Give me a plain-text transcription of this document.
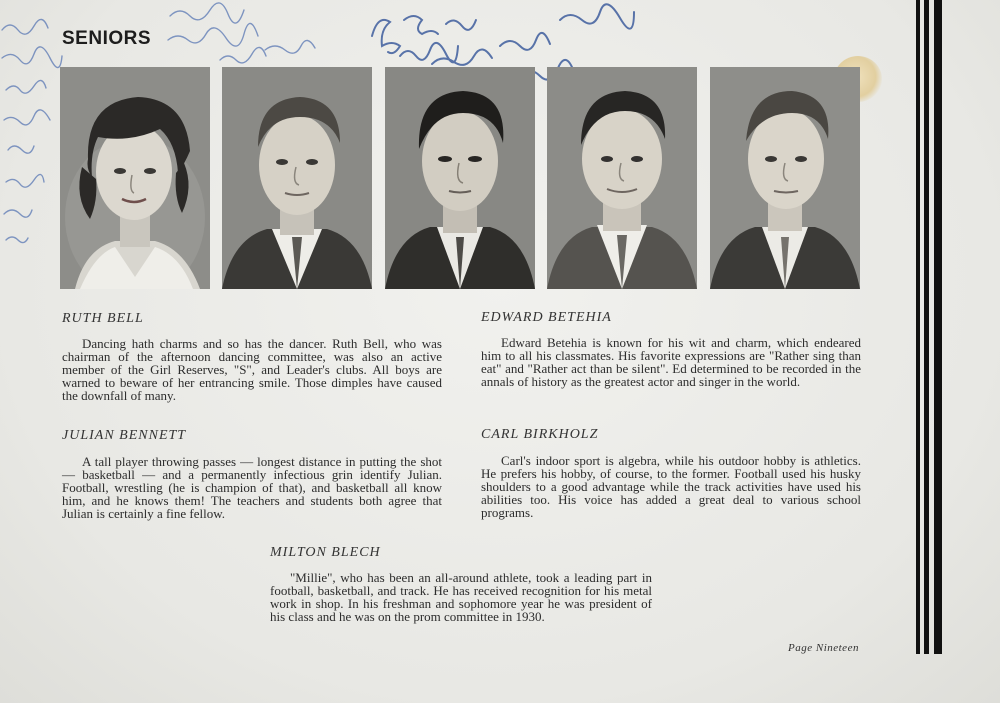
SENIORS
RUTH BELL
Dancing hath charms and so has the dancer. Ruth Bell, who was chairman of the afternoon dancing committee, was also an active member of the Girl Reserves, "S", and Leader's clubs. All boys are warned to beware of her entrancing smile. Those dimples have caused the downfall of many.
JULIAN BENNETT
A tall player throwing passes — longest distance in putting the shot — basketball — and a permanently infectious grin identify Julian. Football, wrestling (he is champion of that), and basketball all know him, and he knows them! The teachers and students both agree that Julian is certainly a fine fellow.
EDWARD BETEHIA
Edward Betehia is known for his wit and charm, which endeared him to all his classmates. His favorite expressions are "Rather sing than eat" and "Rather act than be silent". Ed determined to be recorded in the annals of history as the greatest actor and singer in the world.
CARL BIRKHOLZ
Carl's indoor sport is algebra, while his outdoor hobby is athletics. He prefers his hobby, of course, to the former. Football used his husky shoulders to a good advantage while the track activities have used his abilities too. His voice has added a great deal to various school programs.
MILTON BLECH
"Millie", who has been an all-around athlete, took a leading part in football, basketball, and track. He has received recognition for his metal work in shop. In his freshman and sophomore year he was president of his class and he was on the prom committee in 1930.
Page Nineteen
